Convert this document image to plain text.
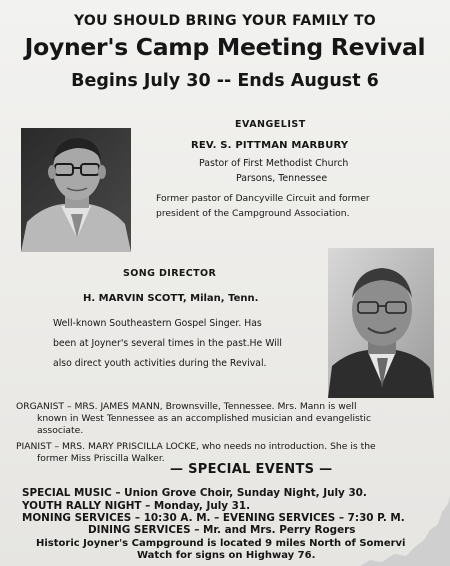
YOU SHOULD BRING YOUR FAMILY TO
Joyner's Camp Meeting Revival
Begins July 30 -- Ends August 6
EVANGELIST
REV. S. PITTMAN MARBURY
Pastor of First Methodist Church
Parsons, Tennessee
Former pastor of Dancyville Circuit and former
president of the Campground Association.
SONG DIRECTOR
H. MARVIN SCOTT, Milan, Tenn.
Well-known Southeastern Gospel Singer. Has
been at Joyner's several times in the past.He Will
also direct youth activities during the Revival.
ORGANIST – MRS. JAMES MANN, Brownsville, Tennessee. Mrs. Mann is well
known in West Tennessee as an accomplished musician and evangelistic
associate.
PIANIST – MRS. MARY PRISCILLA LOCKE, who needs no introduction. She is the
former Miss Priscilla Walker.
— SPECIAL EVENTS —
SPECIAL MUSIC – Union Grove Choir, Sunday Night, July 30.
YOUTH RALLY NIGHT – Monday, July 31.
MONING SERVICES – 10:30 A. M. – EVENING SERVICES – 7:30 P. M.
DINING SERVICES – Mr. and Mrs. Perry Rogers
Historic Joyner's Campground is located 9 miles North of Somervi
Watch for signs on Highway 76.
